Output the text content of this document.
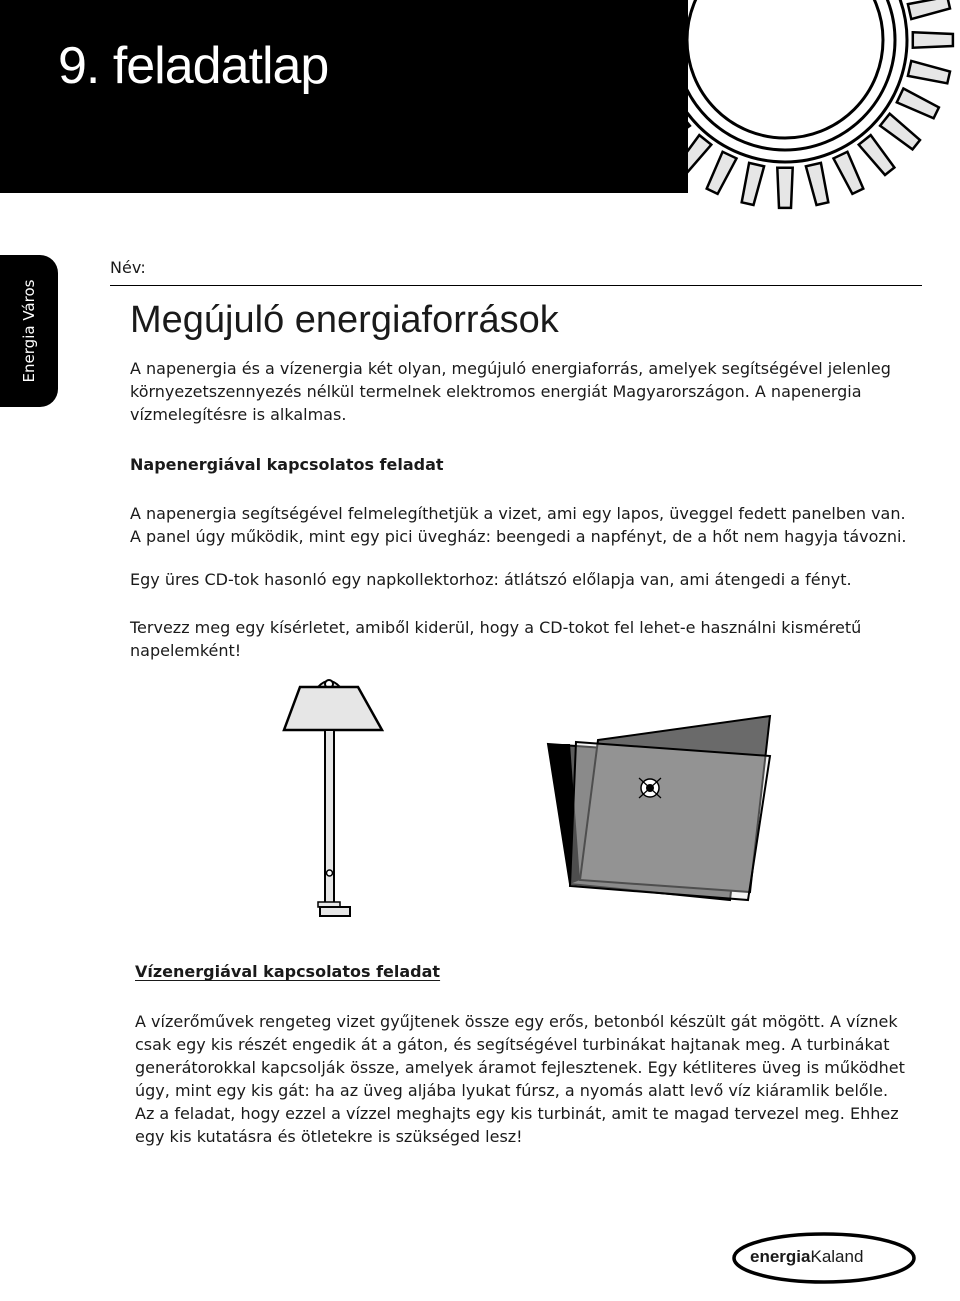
9. feladatlap
Energia Város
Név:
Megújuló energiaforrások

A napenergia és a vízenergia két olyan, megújuló energiaforrás, amelyek segítségével jelenleg környezetszennyezés nélkül termelnek elektromos energiát Magyarországon. A napenergia vízmelegítésre is alkalmas.

Napenergiával kapcsolatos feladat

A napenergia segítségével felmelegíthetjük a vizet, ami egy lapos, üveggel fedett panelben van. A panel úgy működik, mint egy pici üvegház: beengedi a napfényt, de a hőt nem hagyja távozni.

Egy üres CD-tok hasonló egy napkollektorhoz: átlátszó előlapja van, ami átengedi a fényt.

Tervezz meg egy kísérletet, amiből kiderül, hogy a CD-tokot fel lehet-e használni kisméretű napelemként!

Vízenergiával kapcsolatos feladat

A vízerőművek rengeteg vizet gyűjtenek össze egy erős, betonból készült gát mögött. A víznek csak egy kis részét engedik át a gáton, és segítségével turbinákat hajtanak meg. A turbinákat generátorokkal kapcsolják össze, amelyek áramot fejlesztenek. Egy kétliteres üveg is működhet úgy, mint egy kis gát: ha az üveg aljába lyukat fúrsz, a nyomás alatt levő víz kiáramlik belőle. Az a feladat, hogy ezzel a vízzel meghajts egy kis turbinát, amit te magad tervezel meg. Ehhez egy kis kutatásra és ötletekre is szükséged lesz!

energiaKaland
